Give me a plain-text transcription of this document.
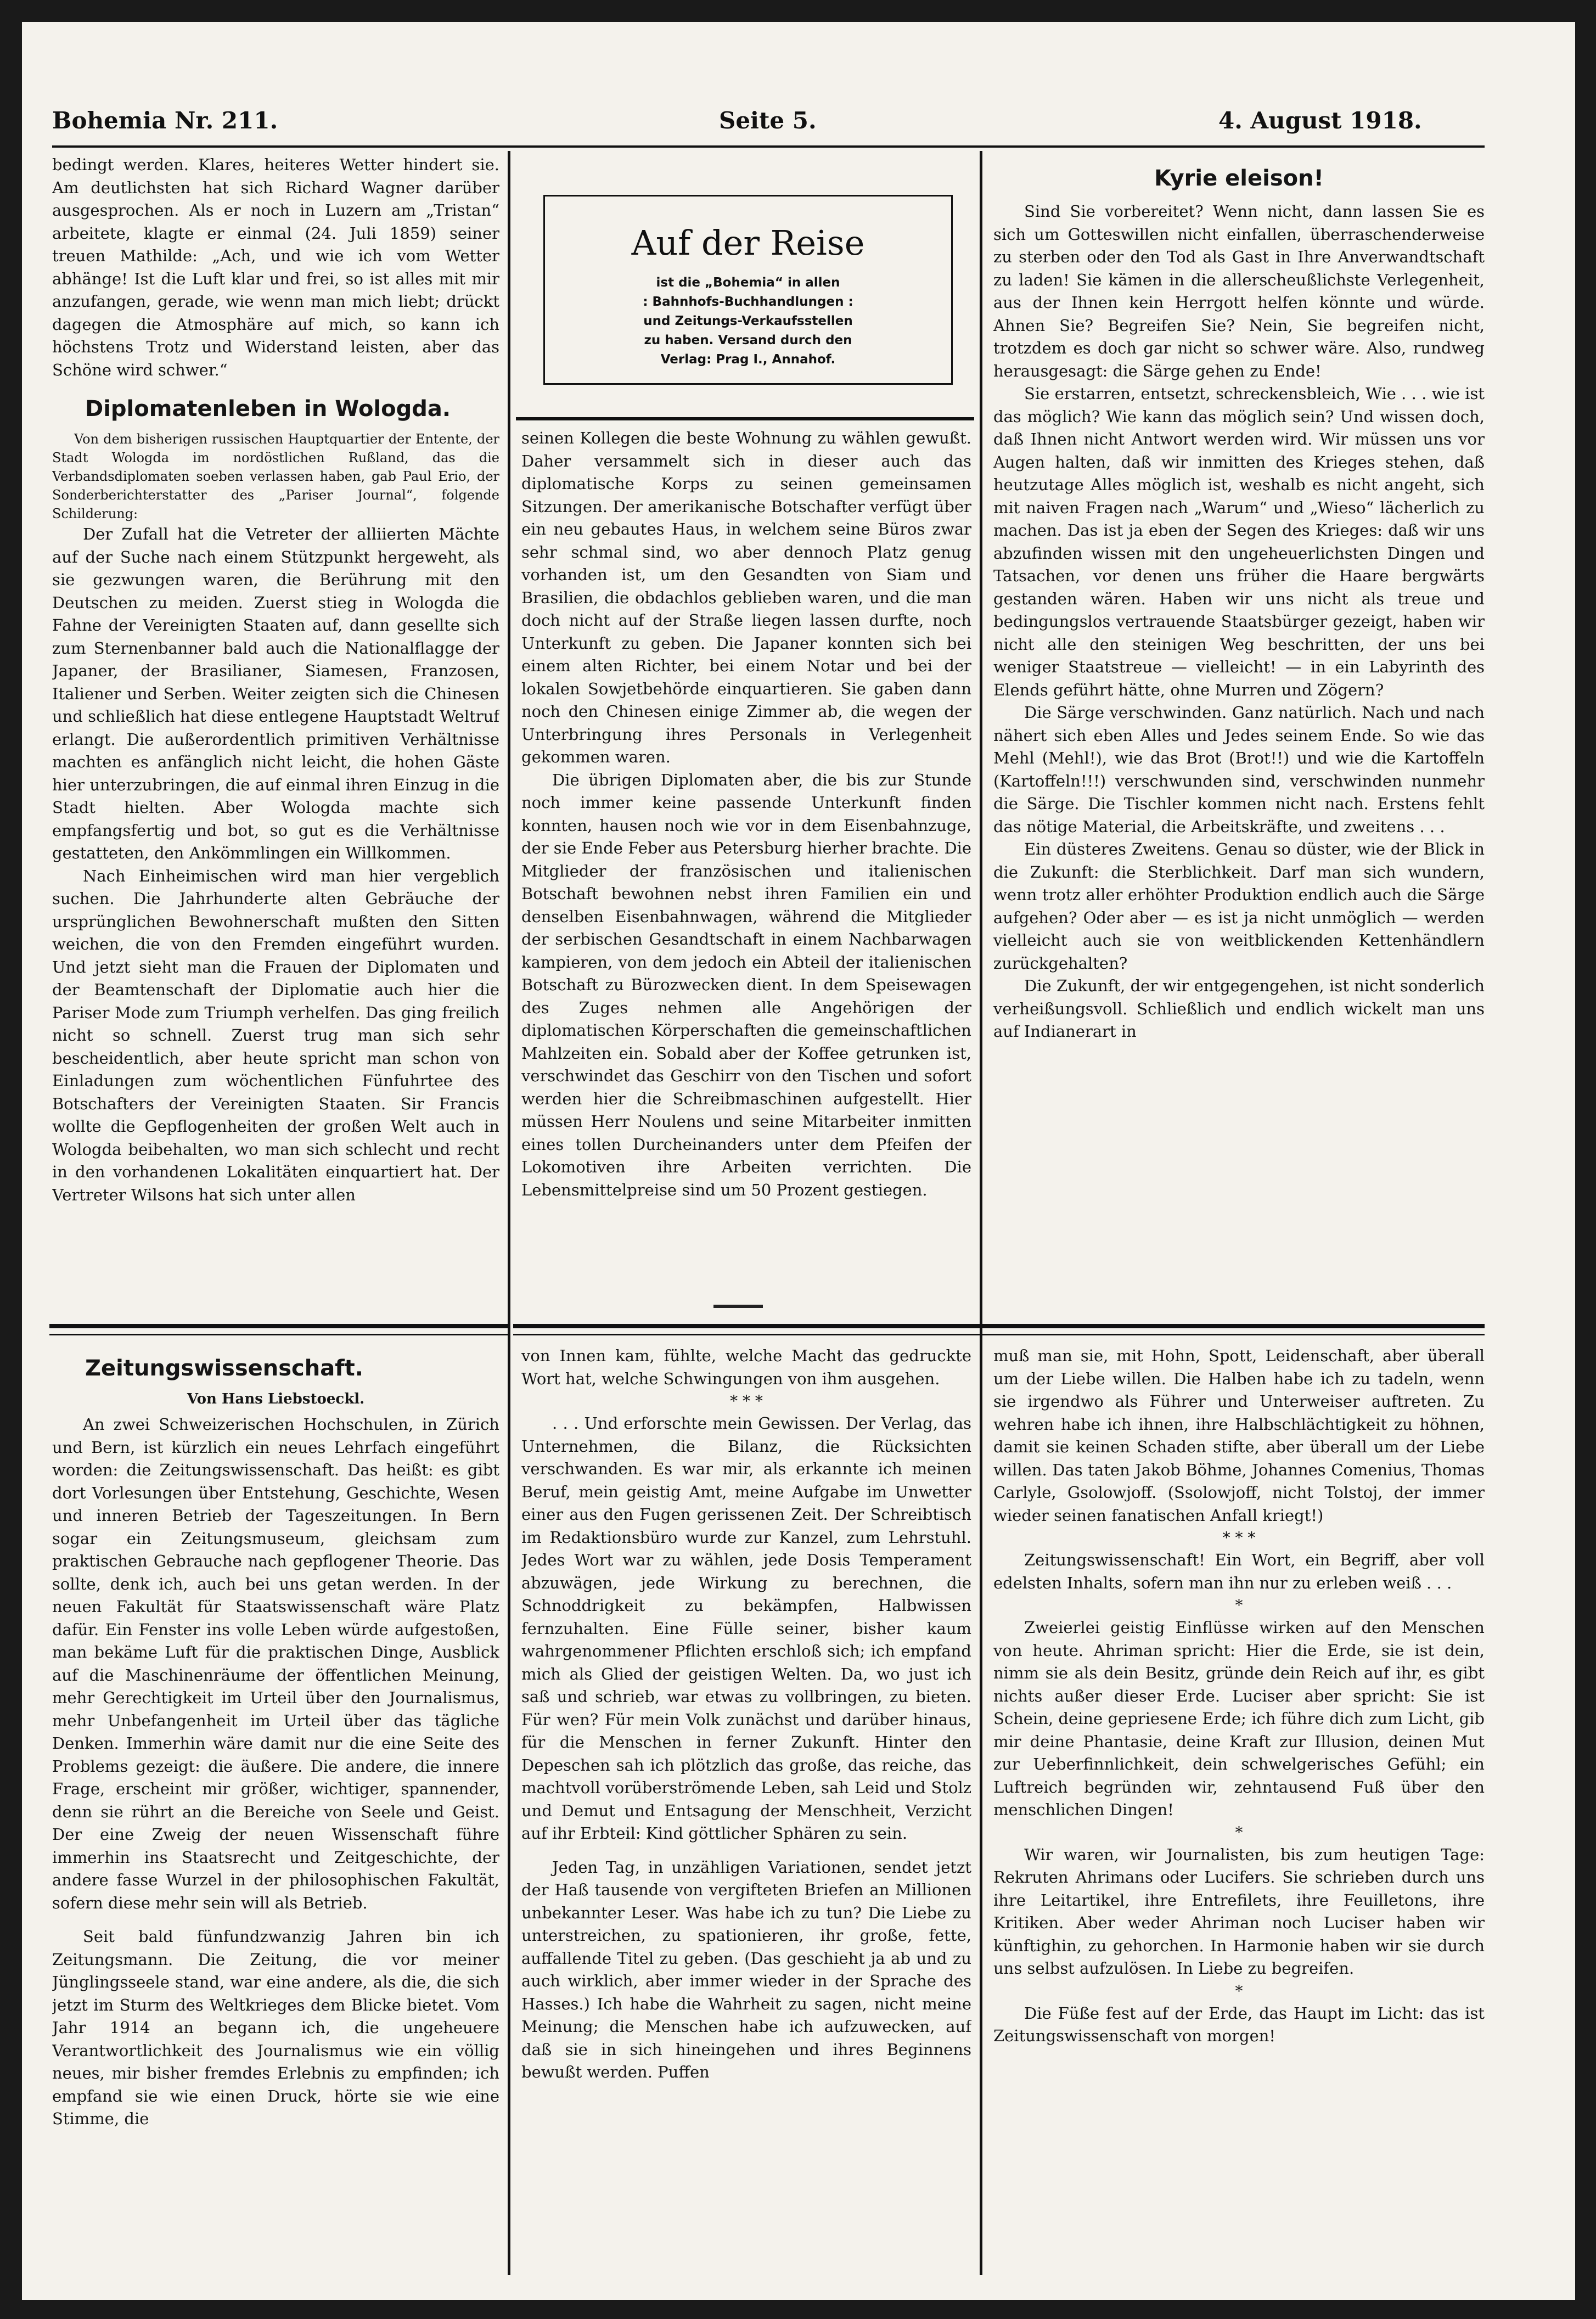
Bohemia Nr. 211.	Seite 5.	4. August 1918.
Auf der Reise
ist die „Bohemia“ in allen
: Bahnhofs-Buchhandlungen :
und Zeitungs-Verkaufsstellen
zu haben. Versand durch den
Verlag: Prag I., Annahof.

bedingt werden. Klares, heiteres Wetter hindert sie. Am deutlichsten hat sich Richard Wagner darüber ausgesprochen. Als er noch in Luzern am „Tristan“ arbeitete, klagte er einmal (24. Juli 1859) seiner treuen Mathilde: „Ach, und wie ich vom Wetter abhänge! Ist die Luft klar und frei, so ist alles mit mir anzufangen, gerade, wie wenn man mich liebt; drückt dagegen die Atmosphäre auf mich, so kann ich höchstens Trotz und Widerstand leisten, aber das Schöne wird schwer.“

Diplomatenleben in Wologda.

Von dem bisherigen russischen Hauptquartier der Entente, der Stadt Wologda im nordöstlichen Rußland, das die Verbandsdiplomaten soeben verlassen haben, gab Paul Erio, der Sonderberichterstatter des „Pariser Journal“, folgende Schilderung:

Der Zufall hat die Vetreter der alliierten Mächte auf der Suche nach einem Stützpunkt hergeweht, als sie gezwungen waren, die Berührung mit den Deutschen zu meiden. Zuerst stieg in Wologda die Fahne der Vereinigten Staaten auf, dann gesellte sich zum Sternenbanner bald auch die Nationalflagge der Japaner, der Brasilianer, Siamesen, Franzosen, Italiener und Serben. Weiter zeigten sich die Chinesen und schließlich hat diese entlegene Hauptstadt Weltruf erlangt. Die außerordentlich primitiven Verhältnisse machten es anfänglich nicht leicht, die hohen Gäste hier unterzubringen, die auf einmal ihren Einzug in die Stadt hielten. Aber Wologda machte sich empfangsfertig und bot, so gut es die Verhältnisse gestatteten, den Ankömmlingen ein Willkommen.

Nach Einheimischen wird man hier vergeblich suchen. Die Jahrhunderte alten Gebräuche der ursprünglichen Bewohnerschaft mußten den Sitten weichen, die von den Fremden eingeführt wurden. Und jetzt sieht man die Frauen der Diplomaten und der Beamtenschaft der Diplomatie auch hier die Pariser Mode zum Triumph verhelfen. Das ging freilich nicht so schnell. Zuerst trug man sich sehr bescheidentlich, aber heute spricht man schon von Einladungen zum wöchentlichen Fünfuhrtee des Botschafters der Vereinigten Staaten. Sir Francis wollte die Gepflogenheiten der großen Welt auch in Wologda beibehalten, wo man sich schlecht und recht in den vorhandenen Lokalitäten einquartiert hat. Der Vertreter Wilsons hat sich unter allen

seinen Kollegen die beste Wohnung zu wählen gewußt. Daher versammelt sich in dieser auch das diplomatische Korps zu seinen gemeinsamen Sitzungen. Der amerikanische Botschafter verfügt über ein neu gebautes Haus, in welchem seine Büros zwar sehr schmal sind, wo aber dennoch Platz genug vorhanden ist, um den Gesandten von Siam und Brasilien, die obdachlos geblieben waren, und die man doch nicht auf der Straße liegen lassen durfte, noch Unterkunft zu geben. Die Japaner konnten sich bei einem alten Richter, bei einem Notar und bei der lokalen Sowjetbehörde einquartieren. Sie gaben dann noch den Chinesen einige Zimmer ab, die wegen der Unterbringung ihres Personals in Verlegenheit gekommen waren.

Die übrigen Diplomaten aber, die bis zur Stunde noch immer keine passende Unterkunft finden konnten, hausen noch wie vor in dem Eisenbahnzuge, der sie Ende Feber aus Petersburg hierher brachte. Die Mitglieder der französischen und italienischen Botschaft bewohnen nebst ihren Familien ein und denselben Eisenbahnwagen, während die Mitglieder der serbischen Gesandtschaft in einem Nachbarwagen kampieren, von dem jedoch ein Abteil der italienischen Botschaft zu Bürozwecken dient. In dem Speisewagen des Zuges nehmen alle Angehörigen der diplomatischen Körperschaften die gemeinschaftlichen Mahlzeiten ein. Sobald aber der Koffee getrunken ist, verschwindet das Geschirr von den Tischen und sofort werden hier die Schreibmaschinen aufgestellt. Hier müssen Herr Noulens und seine Mitarbeiter inmitten eines tollen Durcheinanders unter dem Pfeifen der Lokomotiven ihre Arbeiten verrichten. Die Lebensmittelpreise sind um 50 Prozent gestiegen.

Kyrie eleison!

Sind Sie vorbereitet? Wenn nicht, dann lassen Sie es sich um Gotteswillen nicht einfallen, überraschenderweise zu sterben oder den Tod als Gast in Ihre Anverwandtschaft zu laden! Sie kämen in die allerscheußlichste Verlegenheit, aus der Ihnen kein Herrgott helfen könnte und würde. Ahnen Sie? Begreifen Sie? Nein, Sie begreifen nicht, trotzdem es doch gar nicht so schwer wäre. Also, rundweg herausgesagt: die Särge gehen zu Ende!

Sie erstarren, entsetzt, schreckensbleich, Wie . . . wie ist das möglich? Wie kann das möglich sein? Und wissen doch, daß Ihnen nicht Antwort werden wird. Wir müssen uns vor Augen halten, daß wir inmitten des Krieges stehen, daß heutzutage Alles möglich ist, weshalb es nicht angeht, sich mit naiven Fragen nach „Warum“ und „Wieso“ lächerlich zu machen. Das ist ja eben der Segen des Krieges: daß wir uns abzufinden wissen mit den ungeheuerlichsten Dingen und Tatsachen, vor denen uns früher die Haare bergwärts gestanden wären. Haben wir uns nicht als treue und bedingungslos vertrauende Staatsbürger gezeigt, haben wir nicht alle den steinigen Weg beschritten, der uns bei weniger Staatstreue — vielleicht! — in ein Labyrinth des Elends geführt hätte, ohne Murren und Zögern?

Die Särge verschwinden. Ganz natürlich. Nach und nach nähert sich eben Alles und Jedes seinem Ende. So wie das Mehl (Mehl!), wie das Brot (Brot!!) und wie die Kartoffeln (Kartoffeln!!!) verschwunden sind, verschwinden nunmehr die Särge. Die Tischler kommen nicht nach. Erstens fehlt das nötige Material, die Arbeitskräfte, und zweitens . . .

Ein düsteres Zweitens. Genau so düster, wie der Blick in die Zukunft: die Sterblichkeit. Darf man sich wundern, wenn trotz aller erhöhter Produktion endlich auch die Särge aufgehen? Oder aber — es ist ja nicht unmöglich — werden vielleicht auch sie von weitblickenden Kettenhändlern zurückgehalten?

Die Zukunft, der wir entgegengehen, ist nicht sonderlich verheißungsvoll. Schließlich und endlich wickelt man uns auf Indianerart in

Zeitungswissenschaft.
Von Hans Liebstoeckl.

An zwei Schweizerischen Hochschulen, in Zürich und Bern, ist kürzlich ein neues Lehrfach eingeführt worden: die Zeitungswissenschaft. Das heißt: es gibt dort Vorlesungen über Entstehung, Geschichte, Wesen und inneren Betrieb der Tageszeitungen. In Bern sogar ein Zeitungsmuseum, gleichsam zum praktischen Gebrauche nach gepflogener Theorie. Das sollte, denk ich, auch bei uns getan werden. In der neuen Fakultät für Staatswissenschaft wäre Platz dafür. Ein Fenster ins volle Leben würde aufgestoßen, man bekäme Luft für die praktischen Dinge, Ausblick auf die Maschinenräume der öffentlichen Meinung, mehr Gerechtigkeit im Urteil über den Journalismus, mehr Unbefangenheit im Urteil über das tägliche Denken. Immerhin wäre damit nur die eine Seite des Problems gezeigt: die äußere. Die andere, die innere Frage, erscheint mir größer, wichtiger, spannender, denn sie rührt an die Bereiche von Seele und Geist. Der eine Zweig der neuen Wissenschaft führe immerhin ins Staatsrecht und Zeitgeschichte, der andere fasse Wurzel in der philosophischen Fakultät, sofern diese mehr sein will als Betrieb.

Seit bald fünfundzwanzig Jahren bin ich Zeitungsmann. Die Zeitung, die vor meiner Jünglingsseele stand, war eine andere, als die, die sich jetzt im Sturm des Weltkrieges dem Blicke bietet. Vom Jahr 1914 an begann ich, die ungeheuere Verantwortlichkeit des Journalismus wie ein völlig neues, mir bisher fremdes Erlebnis zu empfinden; ich empfand sie wie einen Druck, hörte sie wie eine Stimme, die

von Innen kam, fühlte, welche Macht das gedruckte Wort hat, welche Schwingungen von ihm ausgehen.

* * *

. . . Und erforschte mein Gewissen. Der Verlag, das Unternehmen, die Bilanz, die Rücksichten verschwanden. Es war mir, als erkannte ich meinen Beruf, mein geistig Amt, meine Aufgabe im Unwetter einer aus den Fugen gerissenen Zeit. Der Schreibtisch im Redaktionsbüro wurde zur Kanzel, zum Lehrstuhl. Jedes Wort war zu wählen, jede Dosis Temperament abzuwägen, jede Wirkung zu berechnen, die Schnoddrigkeit zu bekämpfen, Halbwissen fernzuhalten. Eine Fülle seiner, bisher kaum wahrgenommener Pflichten erschloß sich; ich empfand mich als Glied der geistigen Welten. Da, wo just ich saß und schrieb, war etwas zu vollbringen, zu bieten. Für wen? Für mein Volk zunächst und darüber hinaus, für die Menschen in ferner Zukunft. Hinter den Depeschen sah ich plötzlich das große, das reiche, das machtvoll vorüberströmende Leben, sah Leid und Stolz und Demut und Entsagung der Menschheit, Verzicht auf ihr Erbteil: Kind göttlicher Sphären zu sein.

Jeden Tag, in unzähligen Variationen, sendet jetzt der Haß tausende von vergifteten Briefen an Millionen unbekannter Leser. Was habe ich zu tun? Die Liebe zu unterstreichen, zu spationieren, ihr große, fette, auffallende Titel zu geben. (Das geschieht ja ab und zu auch wirklich, aber immer wieder in der Sprache des Hasses.) Ich habe die Wahrheit zu sagen, nicht meine Meinung; die Menschen habe ich aufzuwecken, auf daß sie in sich hineingehen und ihres Beginnens bewußt werden. Puffen

muß man sie, mit Hohn, Spott, Leidenschaft, aber überall um der Liebe willen. Die Halben habe ich zu tadeln, wenn sie irgendwo als Führer und Unterweiser auftreten. Zu wehren habe ich ihnen, ihre Halbschlächtigkeit zu höhnen, damit sie keinen Schaden stifte, aber überall um der Liebe willen. Das taten Jakob Böhme, Johannes Comenius, Thomas Carlyle, Gsolowjoff. (Ssolowjoff, nicht Tolstoj, der immer wieder seinen fanatischen Anfall kriegt!)

* * *

Zeitungswissenschaft! Ein Wort, ein Begriff, aber voll edelsten Inhalts, sofern man ihn nur zu erleben weiß . . .

*

Zweierlei geistig Einflüsse wirken auf den Menschen von heute. Ahriman spricht: Hier die Erde, sie ist dein, nimm sie als dein Besitz, gründe dein Reich auf ihr, es gibt nichts außer dieser Erde. Luciser aber spricht: Sie ist Schein, deine gepriesene Erde; ich führe dich zum Licht, gib mir deine Phantasie, deine Kraft zur Illusion, deinen Mut zur Ueberfinnlichkeit, dein schwelgerisches Gefühl; ein Luftreich begründen wir, zehntausend Fuß über den menschlichen Dingen!

*

Wir waren, wir Journalisten, bis zum heutigen Tage: Rekruten Ahrimans oder Lucifers. Sie schrieben durch uns ihre Leitartikel, ihre Entrefilets, ihre Feuilletons, ihre Kritiken. Aber weder Ahriman noch Luciser haben wir künftighin, zu gehorchen. In Harmonie haben wir sie durch uns selbst aufzulösen. In Liebe zu begreifen.

*

Die Füße fest auf der Erde, das Haupt im Licht: das ist Zeitungswissenschaft von morgen!
